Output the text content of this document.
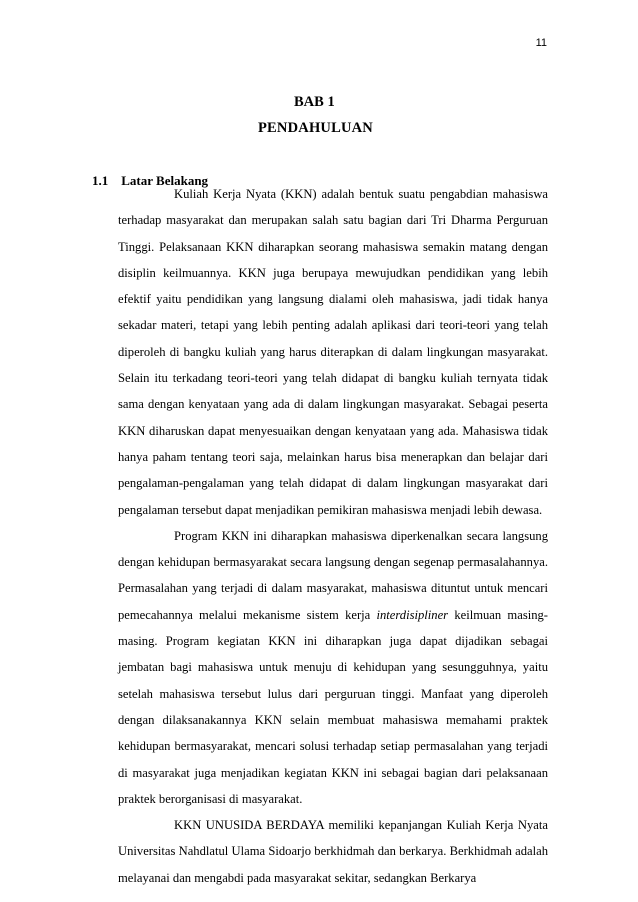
11
BAB 1
PENDAHULUAN
1.1 Latar Belakang

Kuliah Kerja Nyata (KKN) adalah bentuk suatu pengabdian mahasiswa terhadap masyarakat dan merupakan salah satu bagian dari Tri Dharma Perguruan Tinggi. Pelaksanaan KKN diharapkan seorang mahasiswa semakin matang dengan disiplin keilmuannya. KKN juga berupaya mewujudkan pendidikan yang lebih efektif yaitu pendidikan yang langsung dialami oleh mahasiswa, jadi tidak hanya sekadar materi, tetapi yang lebih penting adalah aplikasi dari teori-teori yang telah diperoleh di bangku kuliah yang harus diterapkan di dalam lingkungan masyarakat. Selain itu terkadang teori-teori yang telah didapat di bangku kuliah ternyata tidak sama dengan kenyataan yang ada di dalam lingkungan masyarakat. Sebagai peserta KKN diharuskan dapat menyesuaikan dengan kenyataan yang ada. Mahasiswa tidak hanya paham tentang teori saja, melainkan harus bisa menerapkan dan belajar dari pengalaman-pengalaman yang telah didapat di dalam lingkungan masyarakat dari pengalaman tersebut dapat menjadikan pemikiran mahasiswa menjadi lebih dewasa.

Program KKN ini diharapkan mahasiswa diperkenalkan secara langsung dengan kehidupan bermasyarakat secara langsung dengan segenap permasalahannya. Permasalahan yang terjadi di dalam masyarakat, mahasiswa dituntut untuk mencari pemecahannya melalui mekanisme sistem kerja interdisipliner keilmuan masing-masing. Program kegiatan KKN ini diharapkan juga dapat dijadikan sebagai jembatan bagi mahasiswa untuk menuju di kehidupan yang sesungguhnya, yaitu setelah mahasiswa tersebut lulus dari perguruan tinggi. Manfaat yang diperoleh dengan dilaksanakannya KKN selain membuat mahasiswa memahami praktek kehidupan bermasyarakat, mencari solusi terhadap setiap permasalahan yang terjadi di masyarakat juga menjadikan kegiatan KKN ini sebagai bagian dari pelaksanaan praktek berorganisasi di masyarakat.

KKN UNUSIDA BERDAYA memiliki kepanjangan Kuliah Kerja Nyata Universitas Nahdlatul Ulama Sidoarjo berkhidmah dan berkarya. Berkhidmah adalah melayanai dan mengabdi pada masyarakat sekitar, sedangkan Berkarya
